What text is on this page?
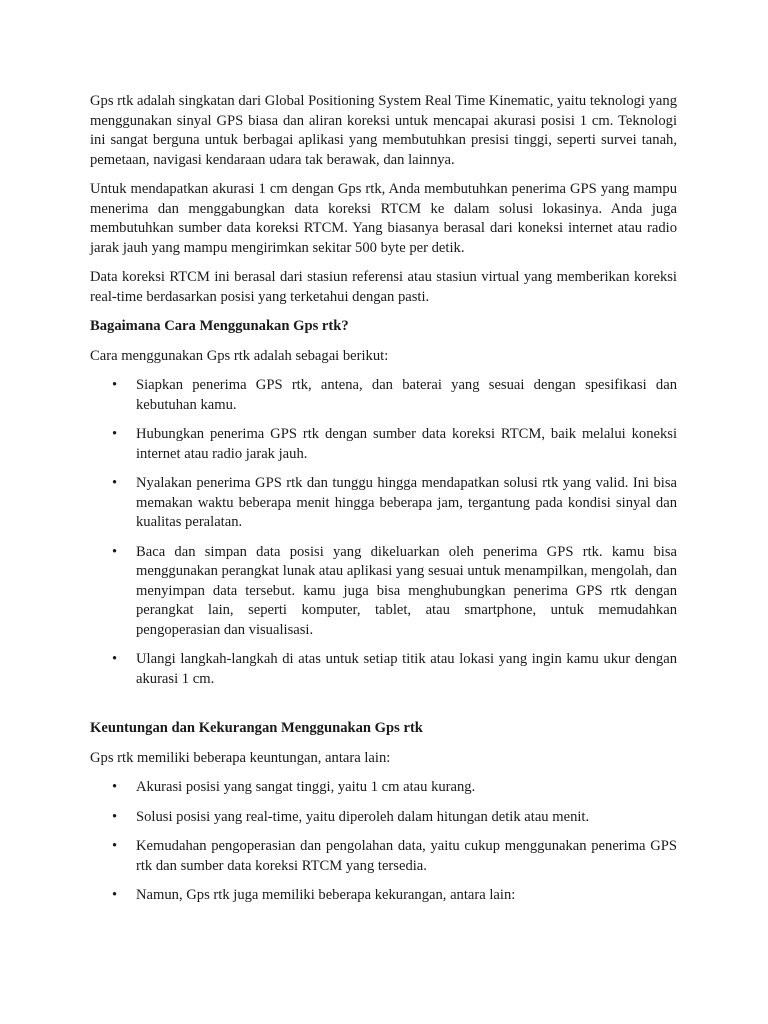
Gps rtk adalah singkatan dari Global Positioning System Real Time Kinematic, yaitu teknologi yang menggunakan sinyal GPS biasa dan aliran koreksi untuk mencapai akurasi posisi 1 cm. Teknologi ini sangat berguna untuk berbagai aplikasi yang membutuhkan presisi tinggi, seperti survei tanah, pemetaan, navigasi kendaraan udara tak berawak, dan lainnya.

Untuk mendapatkan akurasi 1 cm dengan Gps rtk, Anda membutuhkan penerima GPS yang mampu menerima dan menggabungkan data koreksi RTCM ke dalam solusi lokasinya. Anda juga membutuhkan sumber data koreksi RTCM. Yang biasanya berasal dari koneksi internet atau radio jarak jauh yang mampu mengirimkan sekitar 500 byte per detik.

Data koreksi RTCM ini berasal dari stasiun referensi atau stasiun virtual yang memberikan koreksi real-time berdasarkan posisi yang terketahui dengan pasti.

Bagaimana Cara Menggunakan Gps rtk?

Cara menggunakan Gps rtk adalah sebagai berikut:

• Siapkan penerima GPS rtk, antena, dan baterai yang sesuai dengan spesifikasi dan kebutuhan kamu.
• Hubungkan penerima GPS rtk dengan sumber data koreksi RTCM, baik melalui koneksi internet atau radio jarak jauh.
• Nyalakan penerima GPS rtk dan tunggu hingga mendapatkan solusi rtk yang valid. Ini bisa memakan waktu beberapa menit hingga beberapa jam, tergantung pada kondisi sinyal dan kualitas peralatan.
• Baca dan simpan data posisi yang dikeluarkan oleh penerima GPS rtk. kamu bisa menggunakan perangkat lunak atau aplikasi yang sesuai untuk menampilkan, mengolah, dan menyimpan data tersebut. kamu juga bisa menghubungkan penerima GPS rtk dengan perangkat lain, seperti komputer, tablet, atau smartphone, untuk memudahkan pengoperasian dan visualisasi.
• Ulangi langkah-langkah di atas untuk setiap titik atau lokasi yang ingin kamu ukur dengan akurasi 1 cm.

Keuntungan dan Kekurangan Menggunakan Gps rtk

Gps rtk memiliki beberapa keuntungan, antara lain:

• Akurasi posisi yang sangat tinggi, yaitu 1 cm atau kurang.
• Solusi posisi yang real-time, yaitu diperoleh dalam hitungan detik atau menit.
• Kemudahan pengoperasian dan pengolahan data, yaitu cukup menggunakan penerima GPS rtk dan sumber data koreksi RTCM yang tersedia.
• Namun, Gps rtk juga memiliki beberapa kekurangan, antara lain:
